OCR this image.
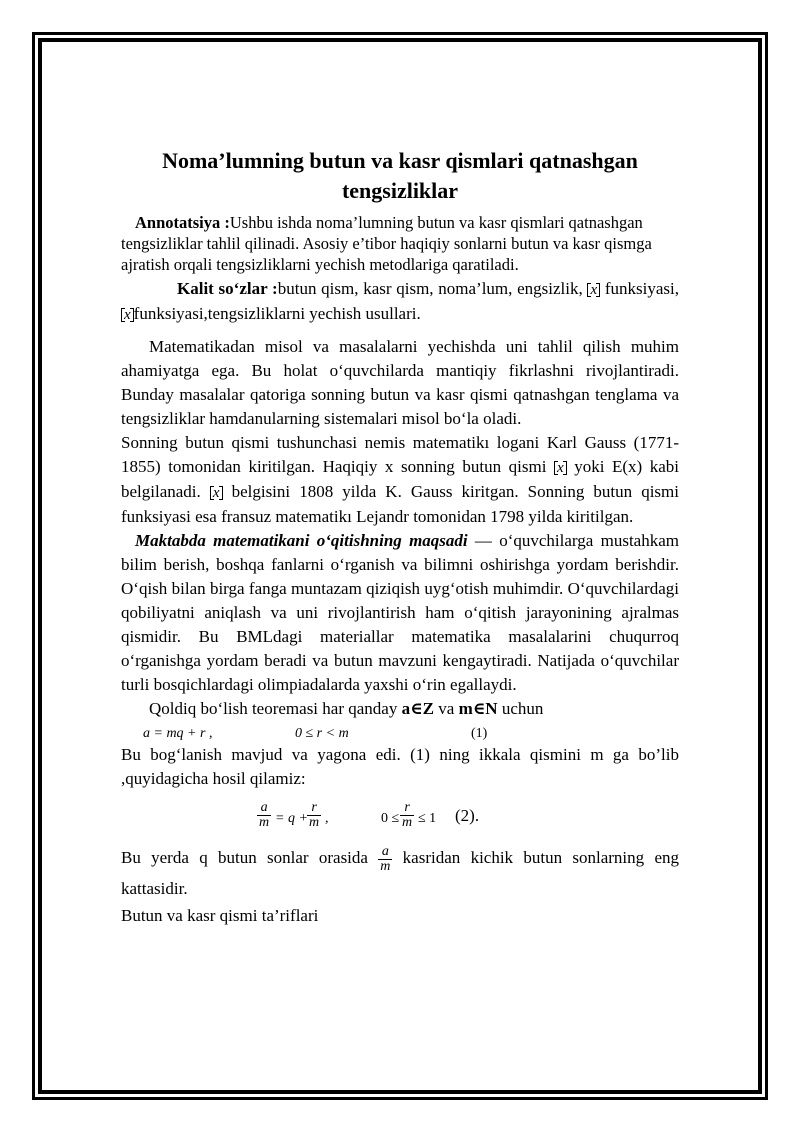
Noma’lumning butun va kasr qismlari qatnashgan
tengsizliklar

Annotatsiya :Ushbu ishda noma’lumning butun va kasr qismlari qatnashgan tengsizliklar tahlil qilinadi. Asosiy e’tibor haqiqiy sonlarni butun va kasr qismga ajratish orqali tengsizliklarni yechish metodlariga qaratiladi.

Kalit so‘zlar :butun qism, kasr qism, noma’lum, engsizlik, x funksiyasi, x funksiyasi,tengsizliklarni yechish usullari.

Matematikadan misol va masalalarni yechishda uni tahlil qilish muhim ahamiyatga ega. Bu holat o‘quvchilarda mantiqiy fikrlashni rivojlantiradi. Bunday masalalar qatoriga sonning butun va kasr qismi qatnashgan tenglama va tengsizliklar hamdanularning sistemalari misol bo‘la oladi.

Sonning butun qismi tushunchasi nemis matematikı logani Karl Gauss (1771-1855) tomonidan kiritilgan. Haqiqiy x sonning butun qismi x yoki E(x) kabi belgilanadi. x belgisini 1808 yilda K. Gauss kiritgan. Sonning butun qismi funksiyasi esa fransuz matematikı Lejandr tomonidan 1798 yilda kiritilgan.

Maktabda matematikani o‘qitishning maqsadi — o‘quvchilarga mustahkam bilim berish, boshqa fanlarni o‘rganish va bilimni oshirishga yordam berishdir. O‘qish bilan birga fanga muntazam qiziqish uyg‘otish muhimdir. O‘quvchilardagi qobiliyatni aniqlash va uni rivojlantirish ham o‘qitish jarayonining ajralmas qismidir. Bu BMLdagi materiallar matematika masalalarini chuqurroq o‘rganishga yordam beradi va butun mavzuni kengaytiradi. Natijada o‘quvchilar turli bosqichlardagi olimpiadalarda yaxshi o‘rin egallaydi.

Qoldiq bo‘lish teoremasi har qanday a∈Z va m∈N uchun

a = mq + r ,	0 ≤ r < m	(1)

Bu bog‘lanish mavjud va yagona edi. (1) ning ikkala qismini m ga bo’lib ,quyidagicha hosil qilamiz:

$\frac{a}{m} = q + \frac{r}{m}$ ,	$0 \le \frac{r}{m} \le 1$ (2).

Bu yerda q butun sonlar orasida $\frac{a}{m}$ kasridan kichik butun sonlarning eng kattasidir.

Butun va kasr qismi ta’riflari
